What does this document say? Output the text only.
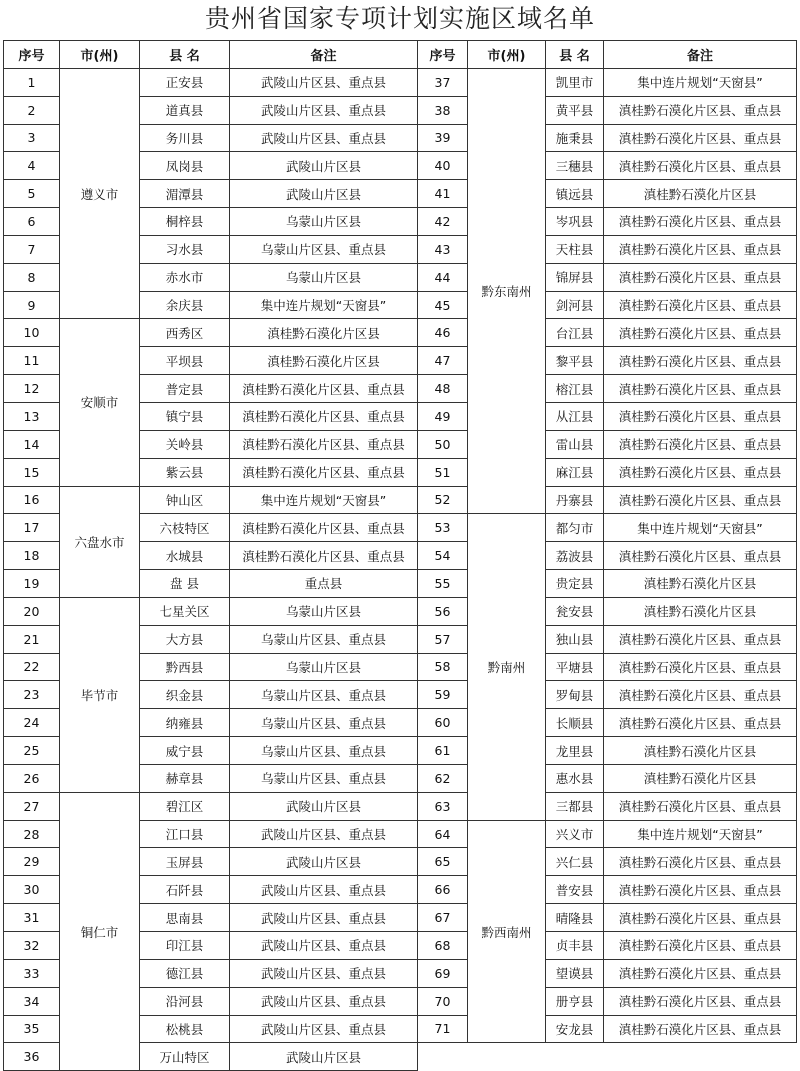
贵州省国家专项计划实施区域名单
序号	市(州)	县 名	备注	序号	市(州)	县 名	备注
1	遵义市	正安县	武陵山片区县、重点县	37	黔东南州	凯里市	集中连片规划“天窗县”
2		道真县	武陵山片区县、重点县	38		黄平县	滇桂黔石漠化片区县、重点县
3		务川县	武陵山片区县、重点县	39		施秉县	滇桂黔石漠化片区县、重点县
4		凤岗县	武陵山片区县	40		三穗县	滇桂黔石漠化片区县、重点县
5		湄潭县	武陵山片区县	41		镇远县	滇桂黔石漠化片区县
6		桐梓县	乌蒙山片区县	42		岑巩县	滇桂黔石漠化片区县、重点县
7		习水县	乌蒙山片区县、重点县	43		天柱县	滇桂黔石漠化片区县、重点县
8		赤水市	乌蒙山片区县	44		锦屏县	滇桂黔石漠化片区县、重点县
9		余庆县	集中连片规划“天窗县”	45		剑河县	滇桂黔石漠化片区县、重点县
10	安顺市	西秀区	滇桂黔石漠化片区县	46		台江县	滇桂黔石漠化片区县、重点县
11		平坝县	滇桂黔石漠化片区县	47		黎平县	滇桂黔石漠化片区县、重点县
12		普定县	滇桂黔石漠化片区县、重点县	48		榕江县	滇桂黔石漠化片区县、重点县
13		镇宁县	滇桂黔石漠化片区县、重点县	49		从江县	滇桂黔石漠化片区县、重点县
14		关岭县	滇桂黔石漠化片区县、重点县	50		雷山县	滇桂黔石漠化片区县、重点县
15		紫云县	滇桂黔石漠化片区县、重点县	51		麻江县	滇桂黔石漠化片区县、重点县
16	六盘水市	钟山区	集中连片规划“天窗县”	52		丹寨县	滇桂黔石漠化片区县、重点县
17		六枝特区	滇桂黔石漠化片区县、重点县	53	黔南州	都匀市	集中连片规划“天窗县”
18		水城县	滇桂黔石漠化片区县、重点县	54		荔波县	滇桂黔石漠化片区县、重点县
19		盘 县	重点县	55		贵定县	滇桂黔石漠化片区县
20	毕节市	七星关区	乌蒙山片区县	56		瓮安县	滇桂黔石漠化片区县
21		大方县	乌蒙山片区县、重点县	57		独山县	滇桂黔石漠化片区县、重点县
22		黔西县	乌蒙山片区县	58		平塘县	滇桂黔石漠化片区县、重点县
23		织金县	乌蒙山片区县、重点县	59		罗甸县	滇桂黔石漠化片区县、重点县
24		纳雍县	乌蒙山片区县、重点县	60		长顺县	滇桂黔石漠化片区县、重点县
25		威宁县	乌蒙山片区县、重点县	61		龙里县	滇桂黔石漠化片区县
26		赫章县	乌蒙山片区县、重点县	62		惠水县	滇桂黔石漠化片区县
27	铜仁市	碧江区	武陵山片区县	63		三都县	滇桂黔石漠化片区县、重点县
28		江口县	武陵山片区县、重点县	64	黔西南州	兴义市	集中连片规划“天窗县”
29		玉屏县	武陵山片区县	65		兴仁县	滇桂黔石漠化片区县、重点县
30		石阡县	武陵山片区县、重点县	66		普安县	滇桂黔石漠化片区县、重点县
31		思南县	武陵山片区县、重点县	67		晴隆县	滇桂黔石漠化片区县、重点县
32		印江县	武陵山片区县、重点县	68		贞丰县	滇桂黔石漠化片区县、重点县
33		德江县	武陵山片区县、重点县	69		望谟县	滇桂黔石漠化片区县、重点县
34		沿河县	武陵山片区县、重点县	70		册亨县	滇桂黔石漠化片区县、重点县
35		松桃县	武陵山片区县、重点县	71		安龙县	滇桂黔石漠化片区县、重点县
36		万山特区	武陵山片区县				
